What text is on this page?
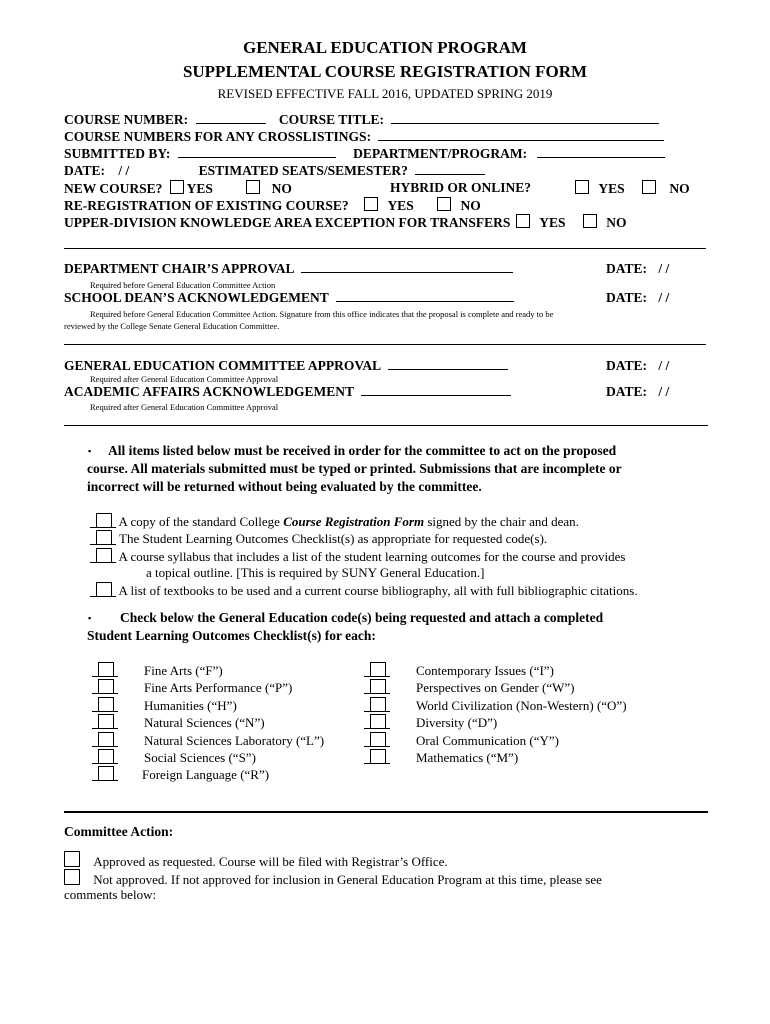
GENERAL EDUCATION PROGRAM
SUPPLEMENTAL COURSE REGISTRATION FORM
REVISED EFFECTIVE FALL 2016, UPDATED SPRING 2019
COURSE NUMBER:	COURSE TITLE:
COURSE NUMBERS FOR ANY CROSSLISTINGS:
SUBMITTED BY:	DEPARTMENT/PROGRAM:
DATE: / /	ESTIMATED SEATS/SEMESTER?
NEW COURSE? YES	NO	HYBRID OR ONLINE?	YES	NO
RE-REGISTRATION OF EXISTING COURSE?	YES	NO
UPPER-DIVISION KNOWLEDGE AREA EXCEPTION FOR TRANSFERS YES	NO
DEPARTMENT CHAIR’S APPROVAL	DATE: / /
Required before General Education Committee Action
SCHOOL DEAN’S ACKNOWLEDGEMENT	DATE: / /
Required before General Education Committee Action. Signature from this office indicates that the proposal is complete and ready to be
reviewed by the College Senate General Education Committee.
GENERAL EDUCATION COMMITTEE APPROVAL	DATE: / /
Required after General Education Committee Approval
ACADEMIC AFFAIRS ACKNOWLEDGEMENT	DATE: / /
Required after General Education Committee Approval
▪ All items listed below must be received in order for the committee to act on the proposed
course. All materials submitted must be typed or printed. Submissions that are incomplete or
incorrect will be returned without being evaluated by the committee.
A copy of the standard College Course Registration Form signed by the chair and dean.
The Student Learning Outcomes Checklist(s) as appropriate for requested code(s).
A course syllabus that includes a list of the student learning outcomes for the course and provides
a topical outline. [This is required by SUNY General Education.]
A list of textbooks to be used and a current course bibliography, all with full bibliographic citations.
▪ Check below the General Education code(s) being requested and attach a completed
Student Learning Outcomes Checklist(s) for each:
Fine Arts (“F”)
Fine Arts Performance (“P”)
Humanities (“H”)
Natural Sciences (“N”)
Natural Sciences Laboratory (“L”)
Social Sciences (“S”)
Foreign Language (“R”)
Contemporary Issues (“I”)
Perspectives on Gender (“W”)
World Civilization (Non-Western) (“O”)
Diversity (“D”)
Oral Communication (“Y”)
Mathematics (“M”)
Committee Action:
Approved as requested. Course will be filed with Registrar’s Office.
Not approved. If not approved for inclusion in General Education Program at this time, please see
comments below:
